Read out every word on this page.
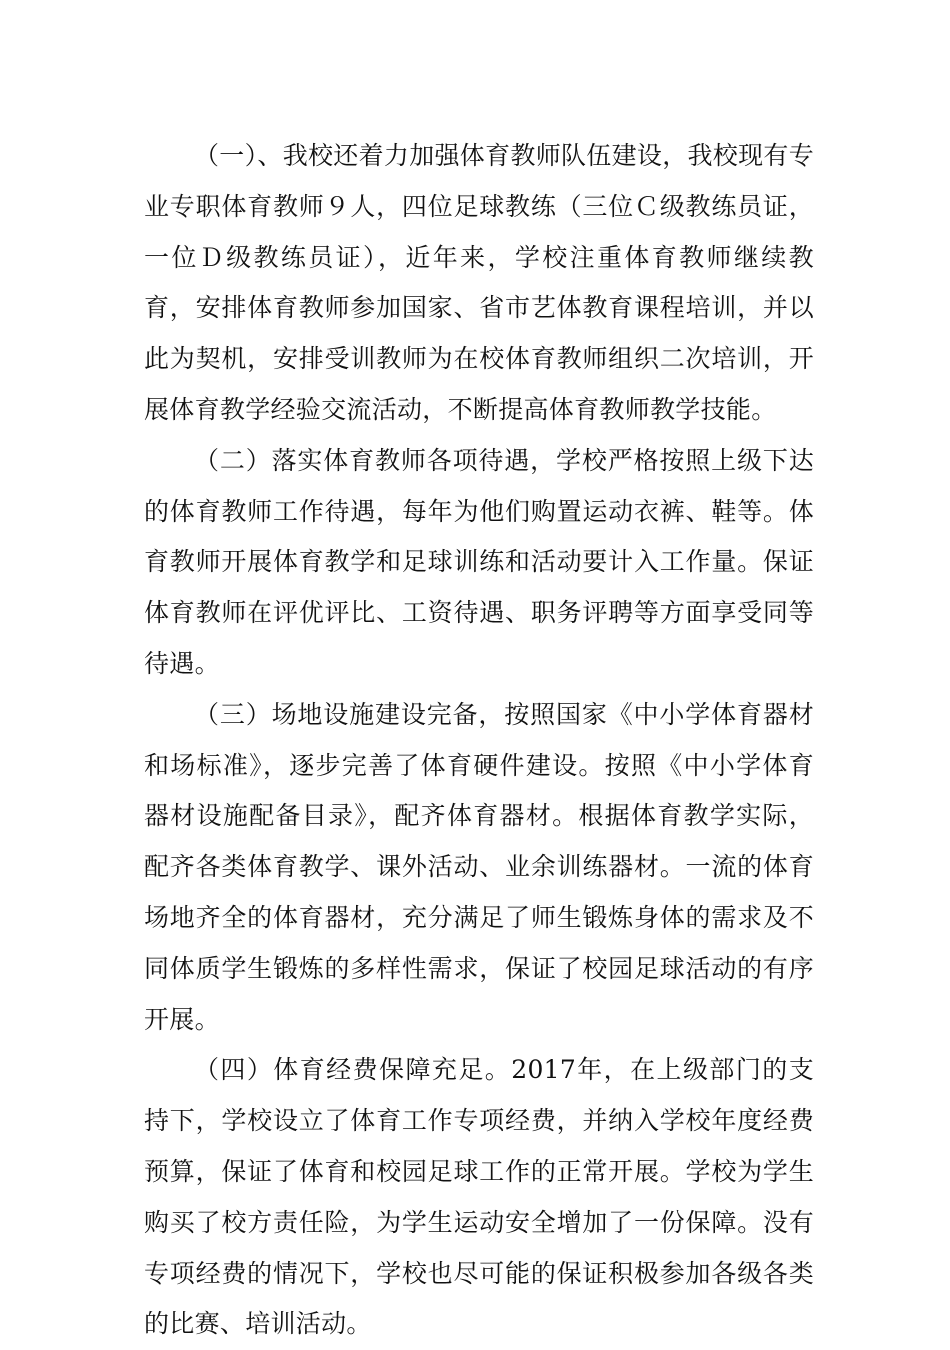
（一）、我校还着力加强体育教师队伍建设，我校现有专业专职体育教师９人，四位足球教练（三位Ｃ级教练员证，一位Ｄ级教练员证），近年来，学校注重体育教师继续教育，安排体育教师参加国家、省市艺体教育课程培训，并以此为契机，安排受训教师为在校体育教师组织二次培训，开展体育教学经验交流活动，不断提高体育教师教学技能。

（二）落实体育教师各项待遇，学校严格按照上级下达的体育教师工作待遇，每年为他们购置运动衣裤、鞋等。体育教师开展体育教学和足球训练和活动要计入工作量。保证体育教师在评优评比、工资待遇、职务评聘等方面享受同等待遇。

（三）场地设施建设完备，按照国家《中小学体育器材和场标准》，逐步完善了体育硬件建设。按照《中小学体育器材设施配备目录》，配齐体育器材。根据体育教学实际，配齐各类体育教学、课外活动、业余训练器材。一流的体育场地齐全的体育器材，充分满足了师生锻炼身体的需求及不同体质学生锻炼的多样性需求，保证了校园足球活动的有序开展。

（四）体育经费保障充足。2017年，在上级部门的支持下，学校设立了体育工作专项经费，并纳入学校年度经费预算，保证了体育和校园足球工作的正常开展。学校为学生购买了校方责任险，为学生运动安全增加了一份保障。没有专项经费的情况下，学校也尽可能的保证积极参加各级各类的比赛、培训活动。
